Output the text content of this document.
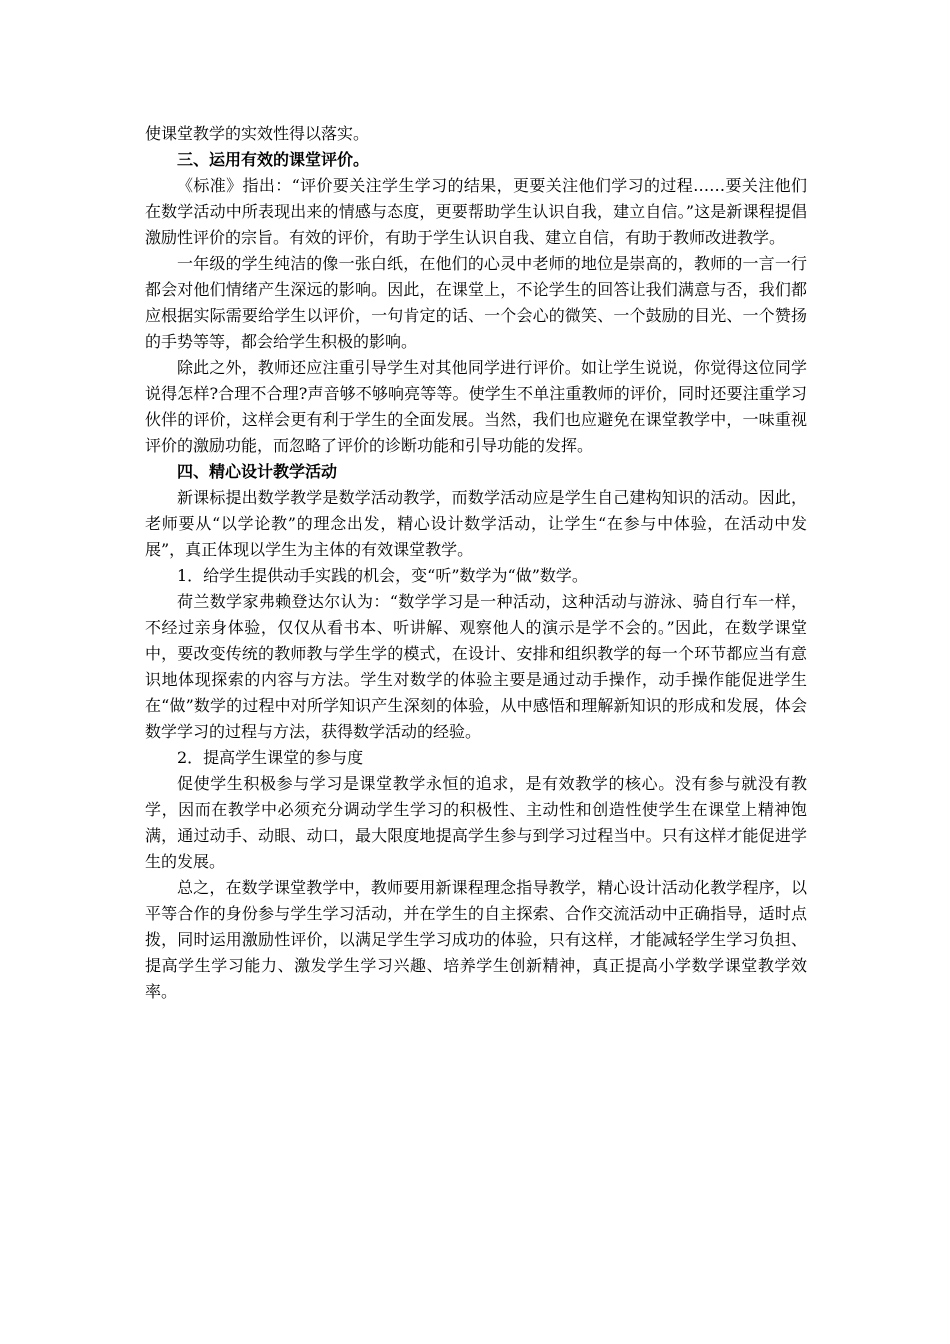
使课堂教学的实效性得以落实。

三、运用有效的课堂评价。

《标准》指出：“评价要关注学生学习的结果，更要关注他们学习的过程……要关注他们在数学活动中所表现出来的情感与态度，更要帮助学生认识自我，建立自信。”这是新课程提倡激励性评价的宗旨。有效的评价，有助于学生认识自我、建立自信，有助于教师改进教学。

一年级的学生纯洁的像一张白纸，在他们的心灵中老师的地位是崇高的，教师的一言一行都会对他们情绪产生深远的影响。因此，在课堂上，不论学生的回答让我们满意与否，我们都应根据实际需要给学生以评价，一句肯定的话、一个会心的微笑、一个鼓励的目光、一个赞扬的手势等等，都会给学生积极的影响。

除此之外，教师还应注重引导学生对其他同学进行评价。如让学生说说，你觉得这位同学说得怎样?合理不合理?声音够不够响亮等等。使学生不单注重教师的评价，同时还要注重学习伙伴的评价，这样会更有利于学生的全面发展。当然，我们也应避免在课堂教学中，一味重视评价的激励功能，而忽略了评价的诊断功能和引导功能的发挥。

四、精心设计教学活动

新课标提出数学教学是数学活动教学，而数学活动应是学生自己建构知识的活动。因此，老师要从“以学论教”的理念出发，精心设计数学活动，让学生“在参与中体验，在活动中发展”，真正体现以学生为主体的有效课堂教学。

1．给学生提供动手实践的机会，变“听”数学为“做”数学。

荷兰数学家弗赖登达尔认为：“数学学习是一种活动，这种活动与游泳、骑自行车一样，不经过亲身体验，仅仅从看书本、听讲解、观察他人的演示是学不会的。”因此，在数学课堂中，要改变传统的教师教与学生学的模式，在设计、安排和组织教学的每一个环节都应当有意识地体现探索的内容与方法。学生对数学的体验主要是通过动手操作，动手操作能促进学生在“做”数学的过程中对所学知识产生深刻的体验，从中感悟和理解新知识的形成和发展，体会数学学习的过程与方法，获得数学活动的经验。

2．提高学生课堂的参与度

促使学生积极参与学习是课堂教学永恒的追求，是有效教学的核心。没有参与就没有教学，因而在教学中必须充分调动学生学习的积极性、主动性和创造性使学生在课堂上精神饱满，通过动手、动眼、动口，最大限度地提高学生参与到学习过程当中。只有这样才能促进学生的发展。

总之，在数学课堂教学中，教师要用新课程理念指导教学，精心设计活动化教学程序，以平等合作的身份参与学生学习活动，并在学生的自主探索、合作交流活动中正确指导，适时点拨，同时运用激励性评价，以满足学生学习成功的体验，只有这样，才能减轻学生学习负担、提高学生学习能力、激发学生学习兴趣、培养学生创新精神，真正提高小学数学课堂教学效率。
